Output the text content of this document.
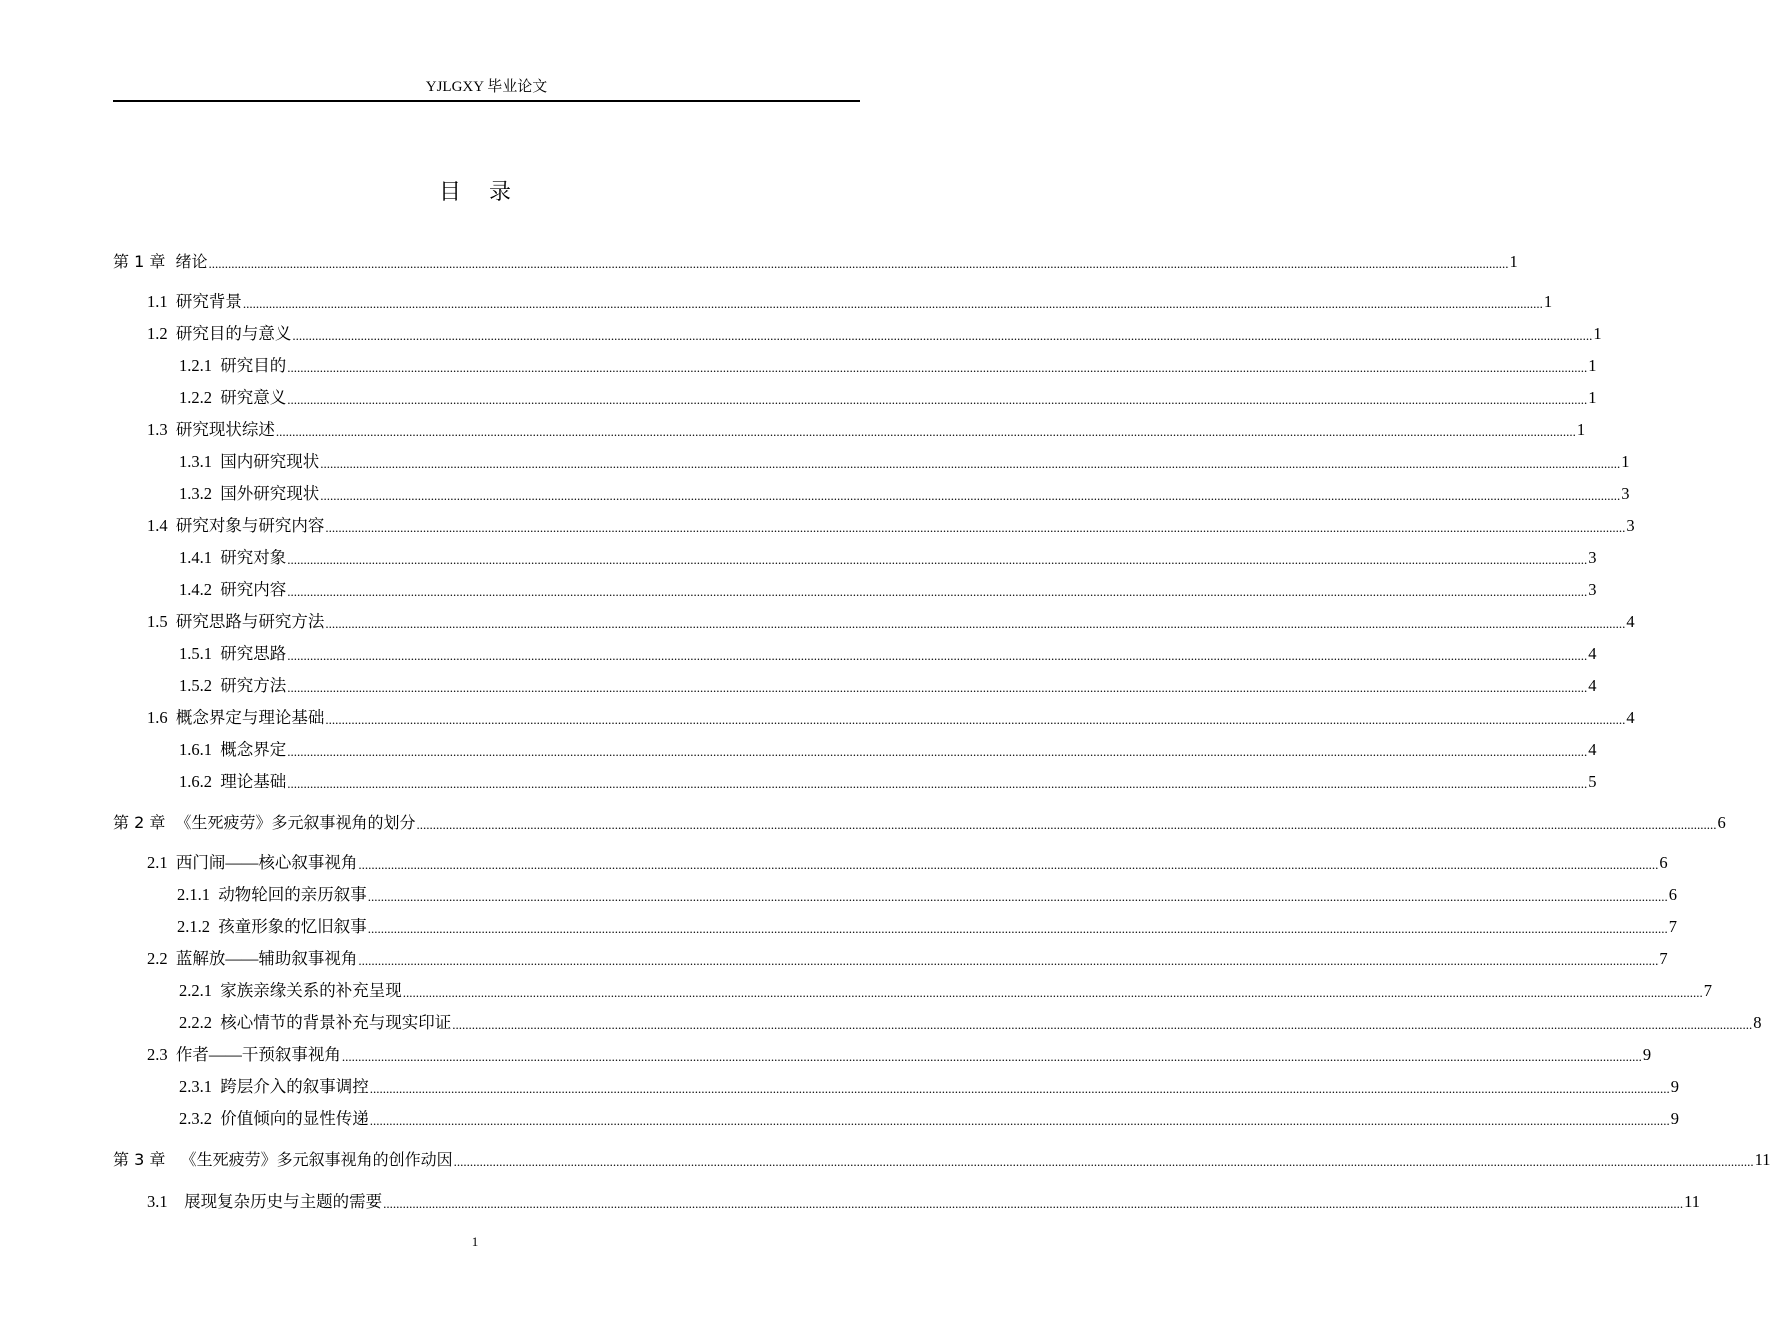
YJLGXY 毕业论文
目录
第 1 章  绪论 ................................................................................................................................................................................................................................................................................................................................................................................................................ 1
1.1  研究背景 ................................................................................................................................................................................................................................................................................................................................................................................................................ 1
1.2  研究目的与意义 ................................................................................................................................................................................................................................................................................................................................................................................................................ 1
1.2.1  研究目的 ................................................................................................................................................................................................................................................................................................................................................................................................................ 1
1.2.2  研究意义 ................................................................................................................................................................................................................................................................................................................................................................................................................ 1
1.3  研究现状综述 ................................................................................................................................................................................................................................................................................................................................................................................................................ 1
1.3.1  国内研究现状 ................................................................................................................................................................................................................................................................................................................................................................................................................ 1
1.3.2  国外研究现状 ................................................................................................................................................................................................................................................................................................................................................................................................................ 3
1.4  研究对象与研究内容 ................................................................................................................................................................................................................................................................................................................................................................................................................ 3
1.4.1  研究对象 ................................................................................................................................................................................................................................................................................................................................................................................................................ 3
1.4.2  研究内容 ................................................................................................................................................................................................................................................................................................................................................................................................................ 3
1.5  研究思路与研究方法 ................................................................................................................................................................................................................................................................................................................................................................................................................ 4
1.5.1  研究思路 ................................................................................................................................................................................................................................................................................................................................................................................................................ 4
1.5.2  研究方法 ................................................................................................................................................................................................................................................................................................................................................................................................................ 4
1.6  概念界定与理论基础 ................................................................................................................................................................................................................................................................................................................................................................................................................ 4
1.6.1  概念界定 ................................................................................................................................................................................................................................................................................................................................................................................................................ 4
1.6.2  理论基础 ................................................................................................................................................................................................................................................................................................................................................................................................................ 5
第 2 章  《生死疲劳》多元叙事视角的划分 ................................................................................................................................................................................................................................................................................................................................................................................................................ 6
2.1  西门闹——核心叙事视角 ................................................................................................................................................................................................................................................................................................................................................................................................................ 6
2.1.1  动物轮回的亲历叙事 ................................................................................................................................................................................................................................................................................................................................................................................................................ 6
2.1.2  孩童形象的忆旧叙事 ................................................................................................................................................................................................................................................................................................................................................................................................................ 7
2.2  蓝解放——辅助叙事视角 ................................................................................................................................................................................................................................................................................................................................................................................................................ 7
2.2.1  家族亲缘关系的补充呈现 ................................................................................................................................................................................................................................................................................................................................................................................................................ 7
2.2.2  核心情节的背景补充与现实印证 ................................................................................................................................................................................................................................................................................................................................................................................................................ 8
2.3  作者——干预叙事视角 ................................................................................................................................................................................................................................................................................................................................................................................................................ 9
2.3.1  跨层介入的叙事调控 ................................................................................................................................................................................................................................................................................................................................................................................................................ 9
2.3.2  价值倾向的显性传递 ................................................................................................................................................................................................................................................................................................................................................................................................................ 9
第 3 章   《生死疲劳》多元叙事视角的创作动因 ................................................................................................................................................................................................................................................................................................................................................................................................................ 11
3.1    展现复杂历史与主题的需要 ................................................................................................................................................................................................................................................................................................................................................................................................................ 11
1
